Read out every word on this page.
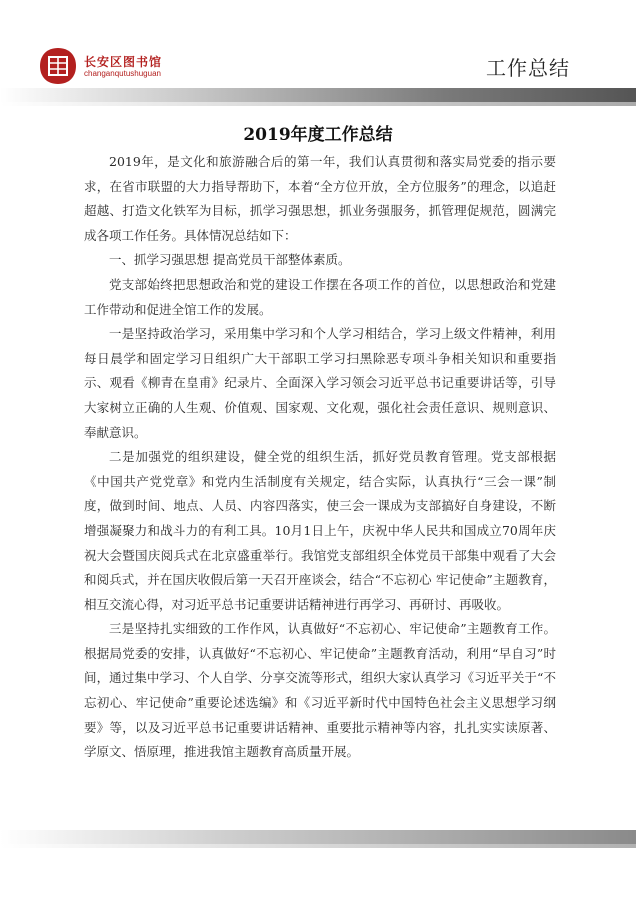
长安区图书馆
changanqutushuguan	工作总结
2019年度工作总结

2019年，是文化和旅游融合后的第一年，我们认真贯彻和落实局党委的指示要求，在省市联盟的大力指导帮助下，本着“全方位开放，全方位服务”的理念，以追赶超越、打造文化铁军为目标，抓学习强思想，抓业务强服务，抓管理促规范，圆满完成各项工作任务。具体情况总结如下：

一、抓学习强思想 提高党员干部整体素质。

党支部始终把思想政治和党的建设工作摆在各项工作的首位，以思想政治和党建工作带动和促进全馆工作的发展。

一是坚持政治学习，采用集中学习和个人学习相结合，学习上级文件精神，利用每日晨学和固定学习日组织广大干部职工学习扫黑除恶专项斗争相关知识和重要指示、观看《柳青在皇甫》纪录片、全面深入学习领会习近平总书记重要讲话等，引导大家树立正确的人生观、价值观、国家观、文化观，强化社会责任意识、规则意识、奉献意识。

二是加强党的组织建设，健全党的组织生活，抓好党员教育管理。党支部根据《中国共产党党章》和党内生活制度有关规定，结合实际，认真执行“三会一课”制度，做到时间、地点、人员、内容四落实，使三会一课成为支部搞好自身建设，不断增强凝聚力和战斗力的有利工具。10月1日上午，庆祝中华人民共和国成立70周年庆祝大会暨国庆阅兵式在北京盛重举行。我馆党支部组织全体党员干部集中观看了大会和阅兵式，并在国庆收假后第一天召开座谈会，结合“不忘初心 牢记使命”主题教育，相互交流心得，对习近平总书记重要讲话精神进行再学习、再研讨、再吸收。

三是坚持扎实细致的工作作风，认真做好“不忘初心、牢记使命”主题教育工作。根据局党委的安排，认真做好“不忘初心、牢记使命”主题教育活动，利用“早自习”时间，通过集中学习、个人自学、分享交流等形式，组织大家认真学习《习近平关于“不忘初心、牢记使命”重要论述选编》和《习近平新时代中国特色社会主义思想学习纲要》等，以及习近平总书记重要讲话精神、重要批示精神等内容，扎扎实实读原著、学原文、悟原理，推进我馆主题教育高质量开展。
